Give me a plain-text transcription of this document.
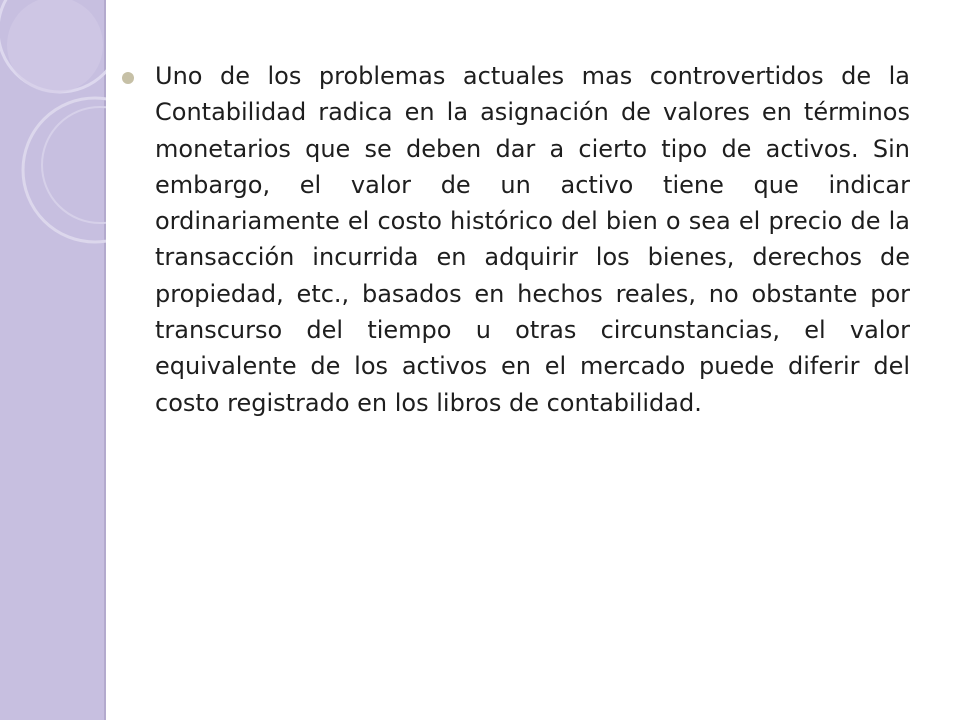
Uno de los problemas actuales mas controvertidos de la Contabilidad radica en la asignación de valores en términos monetarios que se deben dar a cierto tipo de activos. Sin embargo, el valor de un activo tiene que indicar ordinariamente el costo histórico del bien o sea el precio de la transacción incurrida en adquirir los bienes, derechos de propiedad, etc., basados en hechos reales, no obstante por transcurso del tiempo u otras circunstancias, el valor equivalente de los activos en el mercado puede diferir del costo registrado en los libros de contabilidad.
